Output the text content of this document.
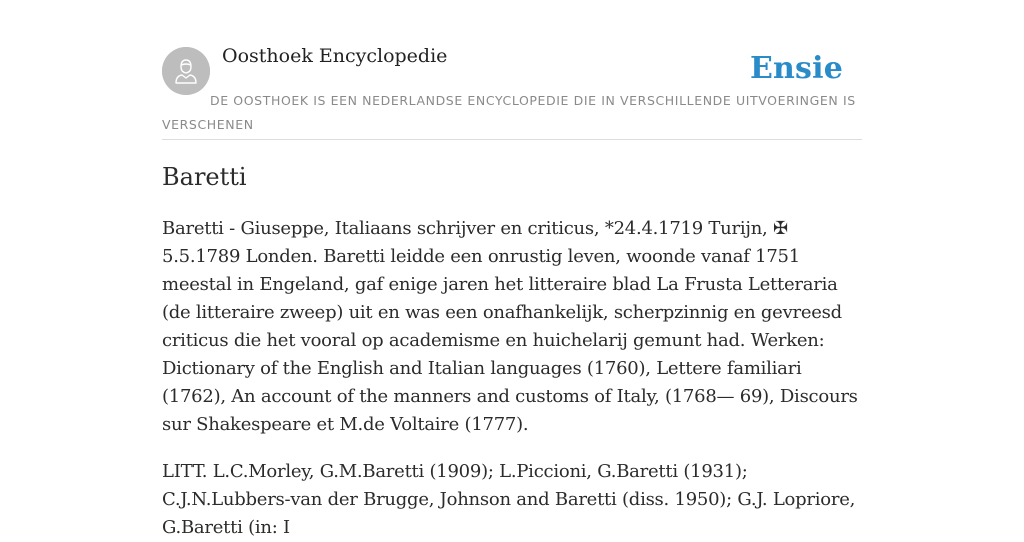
Oosthoek Encyclopedie	Ensie
DE OOSTHOEK IS EEN NEDERLANDSE ENCYCLOPEDIE DIE IN VERSCHILLENDE UITVOERINGEN IS VERSCHENEN
Baretti

Baretti - Giuseppe, Italiaans schrijver en criticus, *24.4.1719 Turijn, ✠ 5.5.1789 Londen. Baretti leidde een onrustig leven, woonde vanaf 1751 meestal in Engeland, gaf enige jaren het litteraire blad La Frusta Letteraria (de litteraire zweep) uit en was een onafhankelijk, scherpzinnig en gevreesd criticus die het vooral op academisme en huichelarij gemunt had. Werken: Dictionary of the English and Italian languages (1760), Lettere familiari (1762), An account of the manners and customs of Italy, (1768— 69), Discours sur Shakespeare et M.de Voltaire (1777).

LITT. L.C.Morley, G.M.Baretti (1909); L.Piccioni, G.Baretti (1931); C.J.N.Lubbers-van der Brugge, Johnson and Baretti (diss. 1950); G.J. Lopriore, G.Baretti (in: I
